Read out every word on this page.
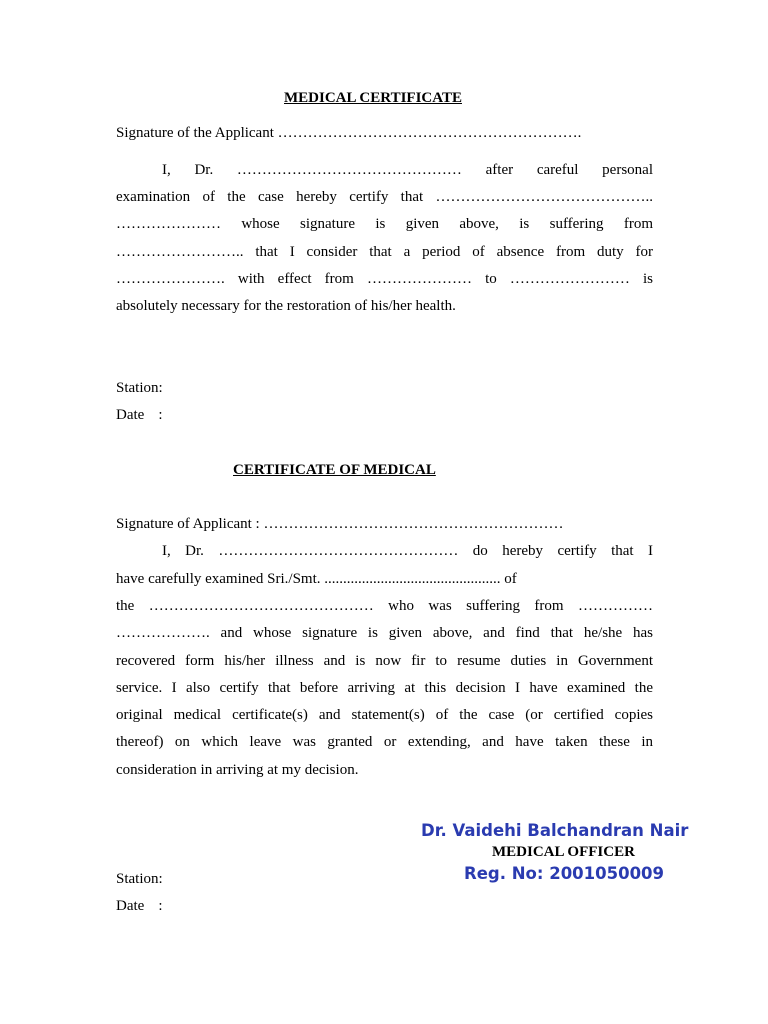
MEDICAL CERTIFICATE
Signature of the Applicant …………………………………………………….
I, Dr. ……………………………………… after careful personal
examination of the case hereby certify that ……………………………………..
………………… whose signature is given above, is suffering from
…………………….. that I consider that a period of absence from duty for
…………………. with effect from ………………… to …………………… is
absolutely necessary for the restoration of his/her health.
Station:
Date :
CERTIFICATE OF MEDICAL
Signature of Applicant : ……………………………………………………
I, Dr. ………………………………………… do hereby certify that I
have carefully examined Sri./Smt. ............................................... of
the ……………………………………… who was suffering from ……………
………………. and whose signature is given above, and find that he/she has
recovered form his/her illness and is now fir to resume duties in Government
service. I also certify that before arriving at this decision I have examined the
original medical certificate(s) and statement(s) of the case (or certified copies
thereof) on which leave was granted or extending, and have taken these in
consideration in arriving at my decision.
MEDICAL OFFICER
Dr. Vaidehi Balchandran Nair
Reg. No: 2001050009
Station:
Date :
